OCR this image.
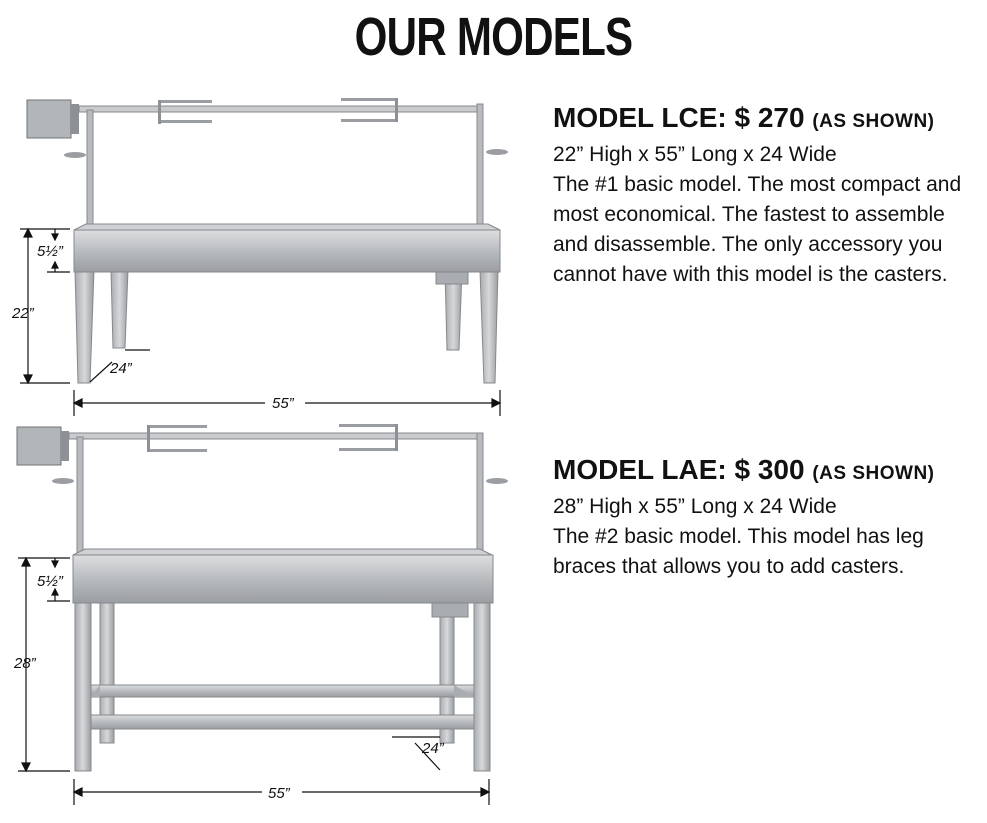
OUR MODELS
5½”
22”
24”
55”
5½”
28”
24”
55”
MODEL LCE: $ 270 (AS SHOWN)
22” High x 55” Long x 24 Wide

The #1 basic model. The most compact and most economical. The fastest to assemble and disassemble. The only accessory you cannot have with this model is the casters.

MODEL LAE: $ 300 (AS SHOWN)
28” High x 55” Long x 24 Wide

The #2 basic model. This model has leg braces that allows you to add casters.
